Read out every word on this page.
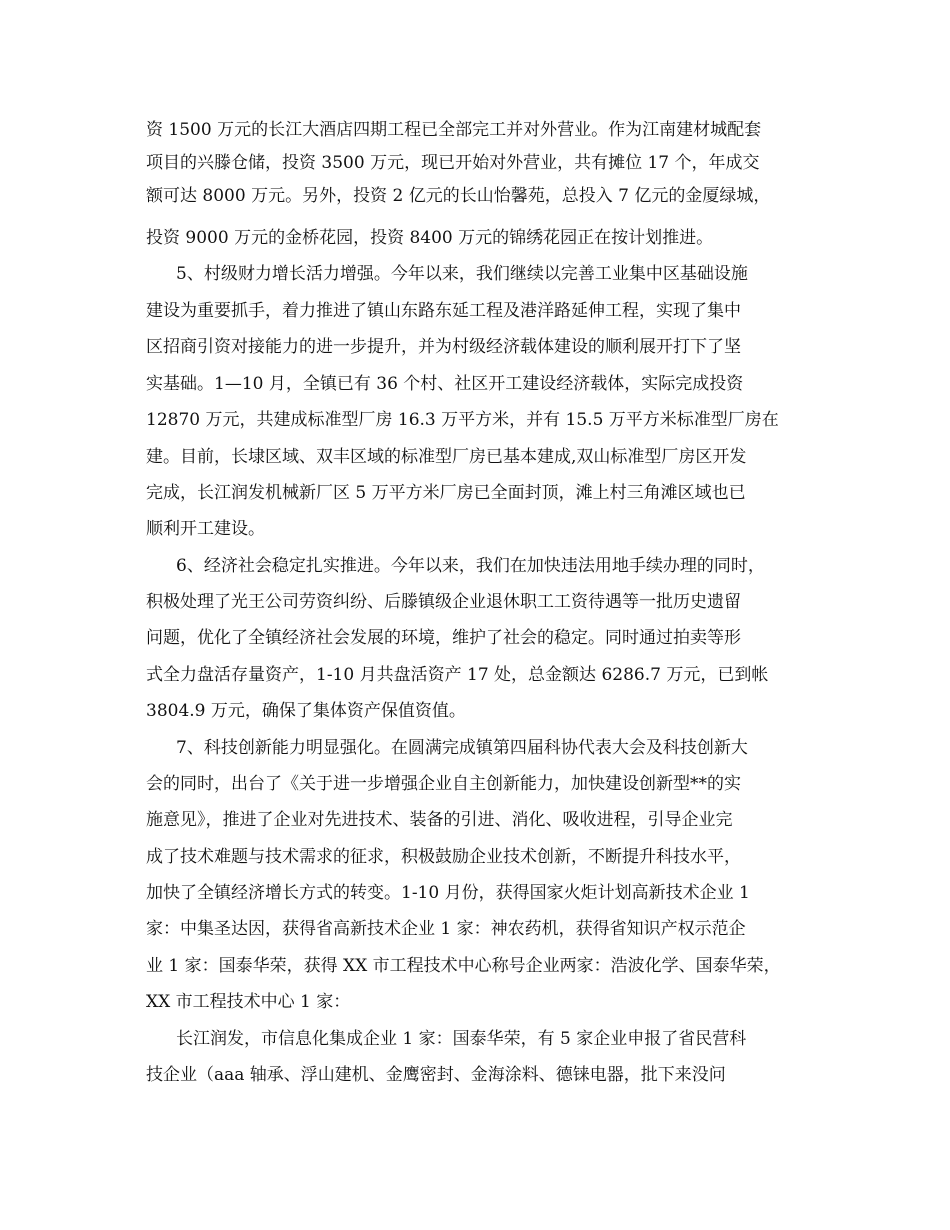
资 1500 万元的长江大酒店四期工程已全部完工并对外营业。作为江南建材城配套
项目的兴滕仓储，投资 3500 万元，现已开始对外营业，共有摊位 17 个，年成交
额可达 8000 万元。另外，投资 2 亿元的长山怡馨苑，总投入 7 亿元的金厦绿城，
投资 9000 万元的金桥花园，投资 8400 万元的锦绣花园正在按计划推进。
5、村级财力增长活力增强。今年以来，我们继续以完善工业集中区基础设施
建设为重要抓手，着力推进了镇山东路东延工程及港洋路延伸工程，实现了集中
区招商引资对接能力的进一步提升，并为村级经济载体建设的顺利展开打下了坚
实基础。1—10 月，全镇已有 36 个村、社区开工建设经济载体，实际完成投资
12870 万元，共建成标准型厂房 16.3 万平方米，并有 15.5 万平方米标准型厂房在
建。目前，长埭区域、双丰区域的标准型厂房已基本建成,双山标准型厂房区开发
完成，长江润发机械新厂区 5 万平方米厂房已全面封顶，滩上村三角滩区域也已
顺利开工建设。
6、经济社会稳定扎实推进。今年以来，我们在加快违法用地手续办理的同时，
积极处理了光王公司劳资纠纷、后滕镇级企业退休职工工资待遇等一批历史遗留
问题，优化了全镇经济社会发展的环境，维护了社会的稳定。同时通过拍卖等形
式全力盘活存量资产，1-10 月共盘活资产 17 处，总金额达 6286.7 万元，已到帐
3804.9 万元，确保了集体资产保值资值。
7、科技创新能力明显强化。在圆满完成镇第四届科协代表大会及科技创新大
会的同时，出台了《关于进一步增强企业自主创新能力，加快建设创新型**的实
施意见》，推进了企业对先进技术、装备的引进、消化、吸收进程，引导企业完
成了技术难题与技术需求的征求，积极鼓励企业技术创新，不断提升科技水平，
加快了全镇经济增长方式的转变。1-10 月份，获得国家火炬计划高新技术企业 1
家：中集圣达因，获得省高新技术企业 1 家：神农药机，获得省知识产权示范企
业 1 家：国泰华荣，获得 XX 市工程技术中心称号企业两家：浩波化学、国泰华荣，
XX 市工程技术中心 1 家：
长江润发，市信息化集成企业 1 家：国泰华荣，有 5 家企业申报了省民营科
技企业（aaa 轴承、浮山建机、金鹰密封、金海涂料、德铼电器，批下来没问
